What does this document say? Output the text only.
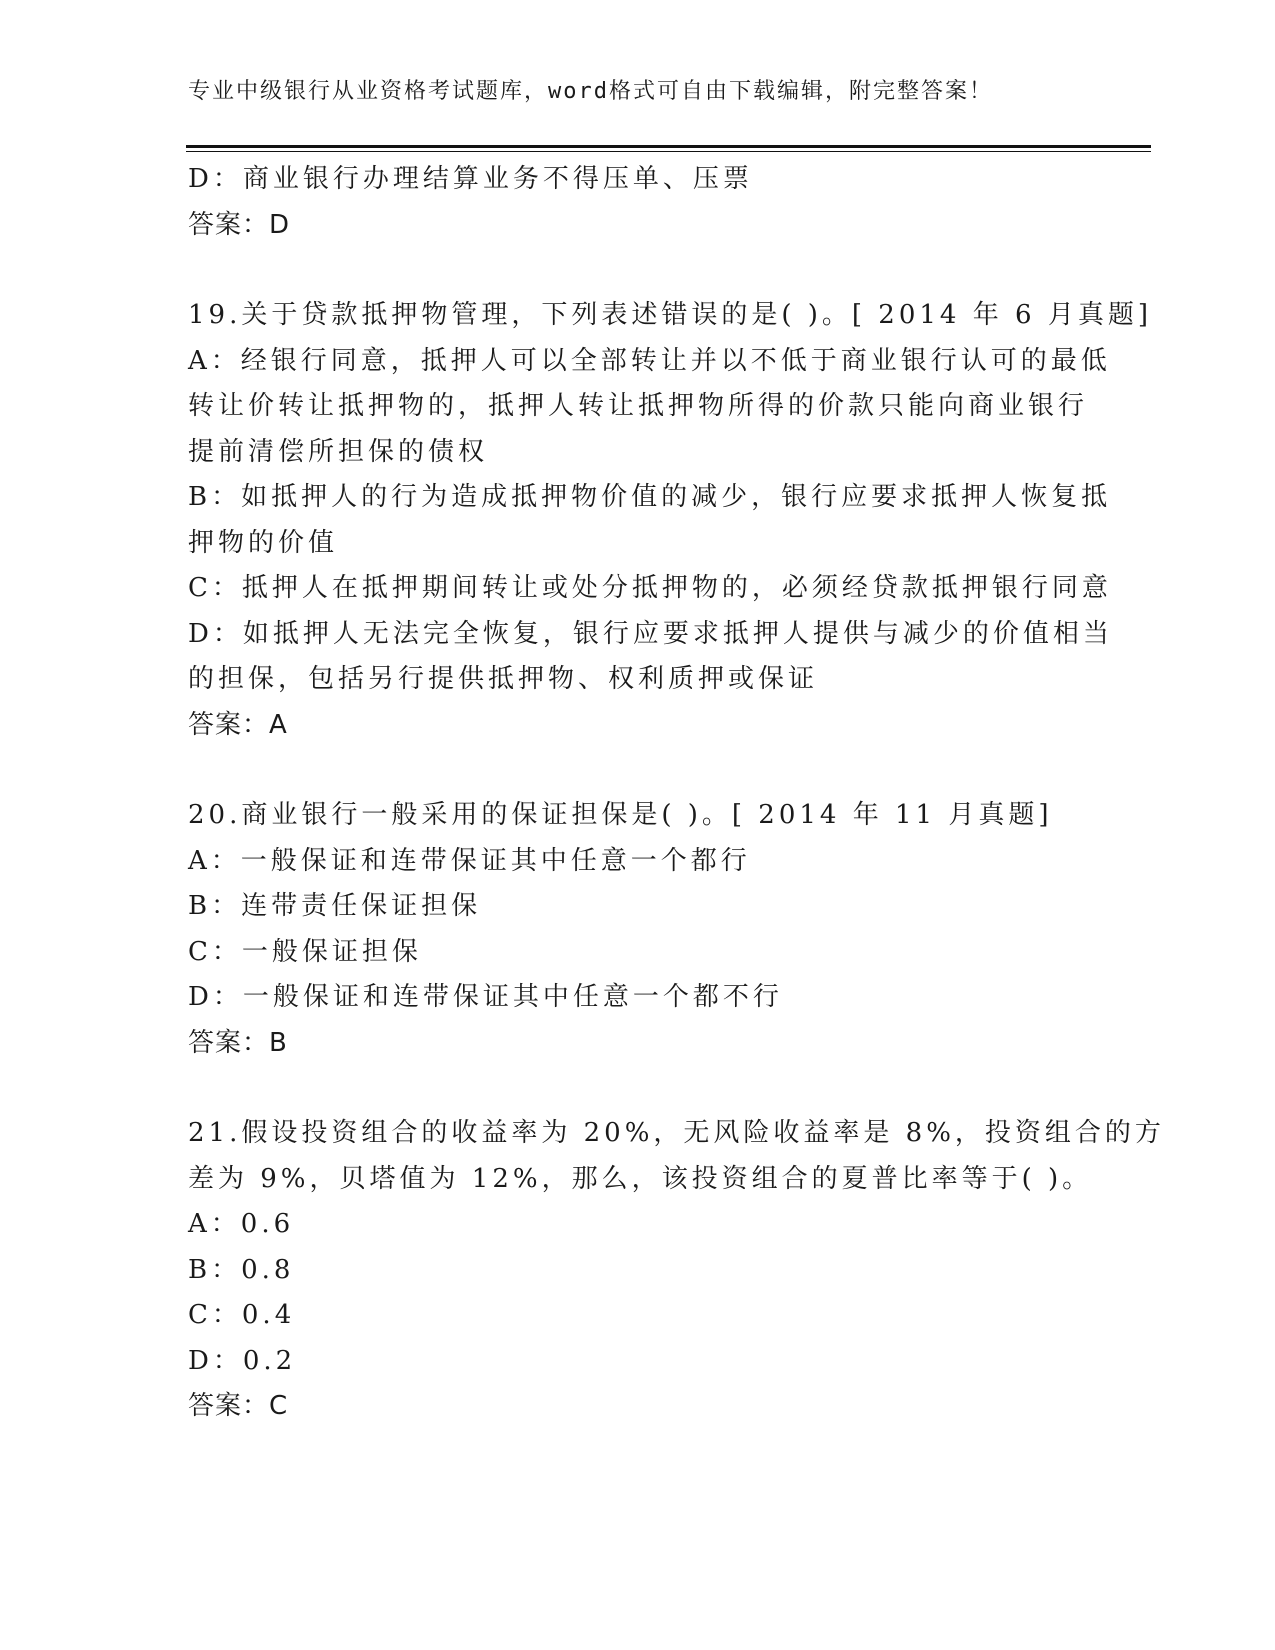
专业中级银行从业资格考试题库，word格式可自由下载编辑，附完整答案！
D：商业银行办理结算业务不得压单、压票
答案：D
19.关于贷款抵押物管理，下列表述错误的是( )。[ 2014 年 6 月真题]
A：经银行同意，抵押人可以全部转让并以不低于商业银行认可的最低
转让价转让抵押物的，抵押人转让抵押物所得的价款只能向商业银行
提前清偿所担保的债权
B：如抵押人的行为造成抵押物价值的减少，银行应要求抵押人恢复抵
押物的价值
C：抵押人在抵押期间转让或处分抵押物的，必须经贷款抵押银行同意
D：如抵押人无法完全恢复，银行应要求抵押人提供与减少的价值相当
的担保，包括另行提供抵押物、权利质押或保证
答案：A
20.商业银行一般采用的保证担保是( )。[ 2014 年 11 月真题]
A：一般保证和连带保证其中任意一个都行
B：连带责任保证担保
C：一般保证担保
D：一般保证和连带保证其中任意一个都不行
答案：B
21.假设投资组合的收益率为 20%，无风险收益率是 8%，投资组合的方
差为 9%，贝塔值为 12%，那么，该投资组合的夏普比率等于( )。
A：0.6
B：0.8
C：0.4
D：0.2
答案：C
